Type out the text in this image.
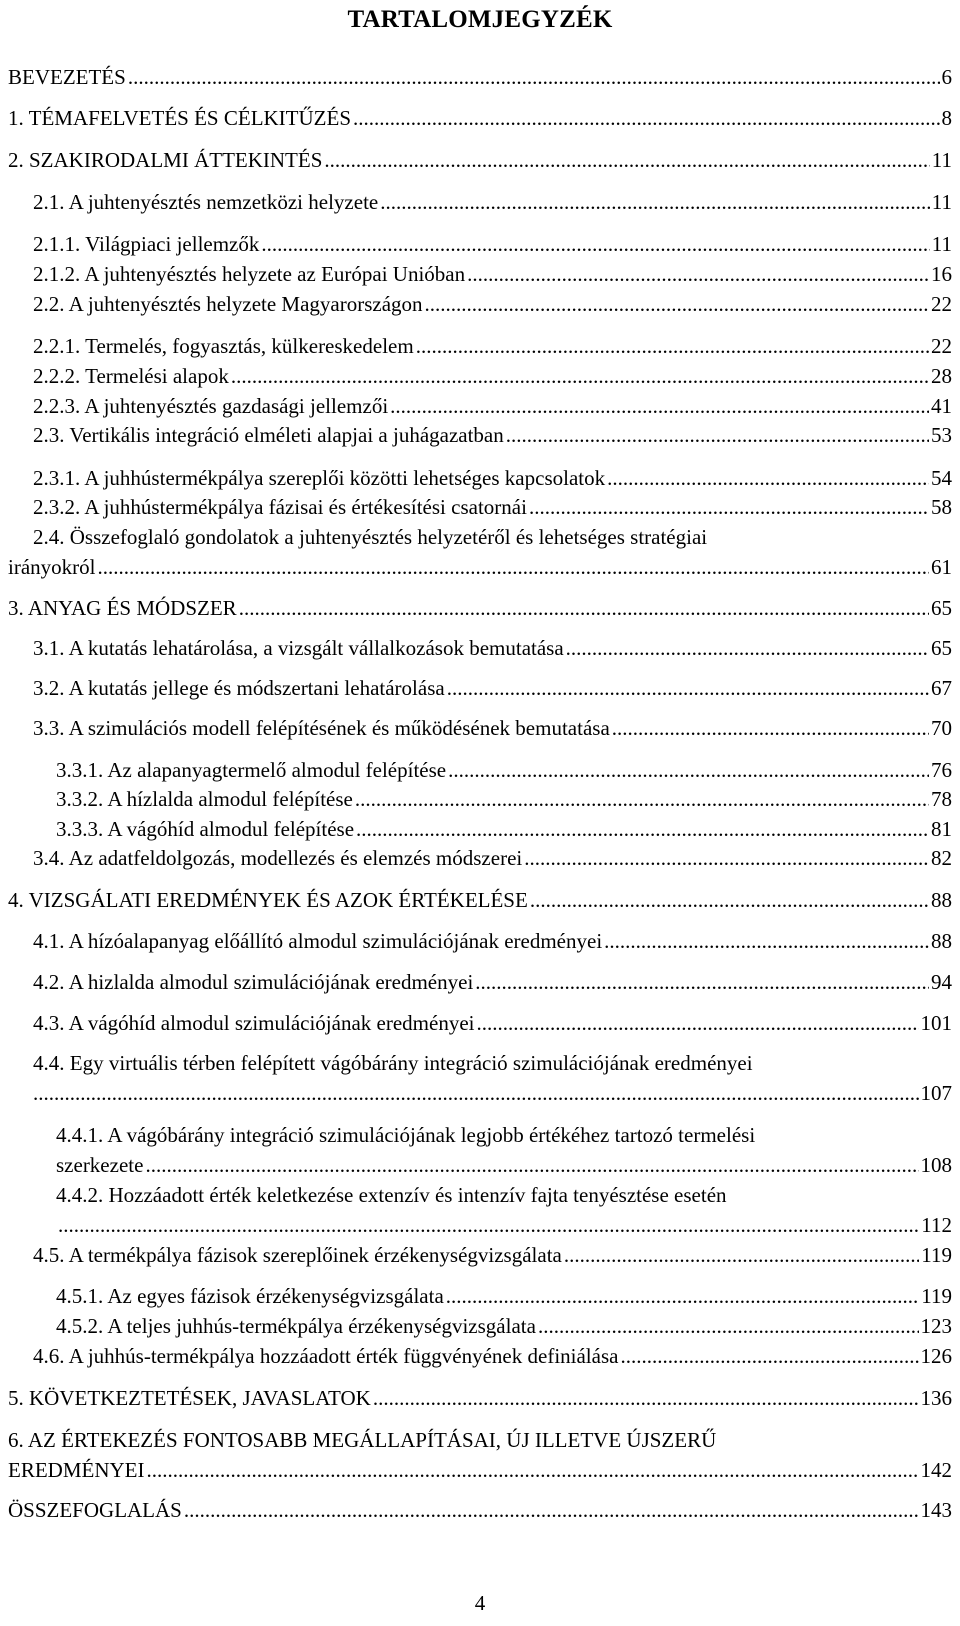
TARTALOMJEGYZÉK
BEVEZETÉS .....	6
1. TÉMAFELVETÉS ÉS CÉLKITŰZÉS .....	8
2. SZAKIRODALMI ÁTTEKINTÉS .....	11
2.1. A juhtenyésztés nemzetközi helyzete .....	11
2.1.1. Világpiaci jellemzők .....	11
2.1.2. A juhtenyésztés helyzete az Európai Unióban .....	16
2.2. A juhtenyésztés helyzete Magyarországon .....	22
2.2.1. Termelés, fogyasztás, külkereskedelem .....	22
2.2.2. Termelési alapok .....	28
2.2.3. A juhtenyésztés gazdasági jellemzői .....	41
2.3. Vertikális integráció elméleti alapjai a juhágazatban .....	53
2.3.1. A juhhústermékpálya szereplői közötti lehetséges kapcsolatok .....	54
2.3.2. A juhhústermékpálya fázisai és értékesítési csatornái .....	58
2.4. Összefoglaló gondolatok a juhtenyésztés helyzetéről és lehetséges stratégiai
irányokról .....	61
3. ANYAG ÉS MÓDSZER .....	65
3.1. A kutatás lehatárolása, a vizsgált vállalkozások bemutatása .....	65
3.2. A kutatás jellege és módszertani lehatárolása .....	67
3.3. A szimulációs modell felépítésének és működésének bemutatása .....	70
3.3.1. Az alapanyagtermelő almodul felépítése .....	76
3.3.2. A hízlalda almodul felépítése .....	78
3.3.3. A vágóhíd almodul felépítése .....	81
3.4. Az adatfeldolgozás, modellezés és elemzés módszerei .....	82
4. VIZSGÁLATI EREDMÉNYEK ÉS AZOK ÉRTÉKELÉSE .....	88
4.1. A hízóalapanyag előállító almodul szimulációjának eredményei .....	88
4.2. A hizlalda almodul szimulációjának eredményei .....	94
4.3. A vágóhíd almodul szimulációjának eredményei .....	101
4.4. Egy virtuális térben felépített vágóbárány integráció szimulációjának eredményei
.....
107
4.4.1. A vágóbárány integráció szimulációjának legjobb értékéhez tartozó termelési
szerkezete .....	108
4.4.2. Hozzáadott érték keletkezése extenzív és intenzív fajta tenyésztése esetén
.....
112
4.5. A termékpálya fázisok szereplőinek érzékenységvizsgálata .....	119
4.5.1. Az egyes fázisok érzékenységvizsgálata .....	119
4.5.2. A teljes juhhús-termékpálya érzékenységvizsgálata .....	123
4.6. A juhhús-termékpálya hozzáadott érték függvényének definiálása .....	126
5. KÖVETKEZTETÉSEK, JAVASLATOK .....	136
6. AZ ÉRTEKEZÉS FONTOSABB MEGÁLLAPÍTÁSAI, ÚJ ILLETVE ÚJSZERŰ
EREDMÉNYEI .....	142
ÖSSZEFOGLALÁS .....	143
4
